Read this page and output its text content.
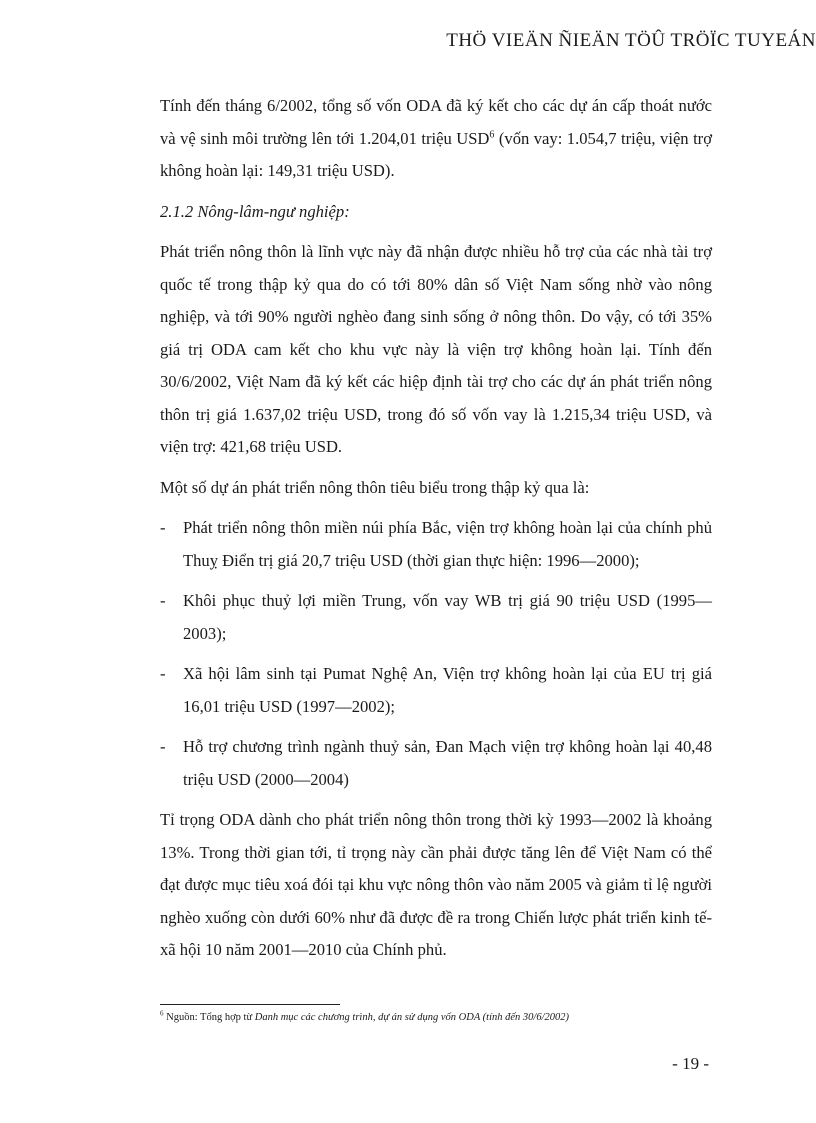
THÖ VIEÄN ÑIEÄN TÖÛ TRÖÏC TUYEÁN

Tính đến tháng 6/2002, tổng số vốn ODA đã ký kết cho các dự án cấp thoát nước và vệ sinh môi trường lên tới 1.204,01 triệu USD$^6$ (vốn vay: 1.054,7 triệu, viện trợ không hoàn lại: 149,31 triệu USD).

2.1.2 Nông-lâm-ngư nghiệp:

Phát triển nông thôn là lĩnh vực này đã nhận được nhiều hỗ trợ của các nhà tài trợ quốc tế trong thập kỷ qua do có tới 80% dân số Việt Nam sống nhờ vào nông nghiệp, và tới 90% người nghèo đang sinh sống ở nông thôn. Do vậy, có tới 35% giá trị ODA cam kết cho khu vực này là viện trợ không hoàn lại. Tính đến 30/6/2002, Việt Nam đã ký kết các hiệp định tài trợ cho các dự án phát triển nông thôn trị giá 1.637,02 triệu USD, trong đó số vốn vay là 1.215,34 triệu USD, và viện trợ: 421,68 triệu USD.

Một số dự án phát triển nông thôn tiêu biểu trong thập kỷ qua là:

- Phát triển nông thôn miền núi phía Bắc, viện trợ không hoàn lại của chính phủ Thuỵ Điển trị giá 20,7 triệu USD (thời gian thực hiện: 1996—2000);
- Khôi phục thuỷ lợi miền Trung, vốn vay WB trị giá 90 triệu USD (1995—2003);
- Xã hội lâm sinh tại Pumat Nghệ An, Viện trợ không hoàn lại của EU trị giá 16,01 triệu USD (1997—2002);
- Hỗ trợ chương trình ngành thuỷ sản, Đan Mạch viện trợ không hoàn lại 40,48 triệu USD (2000—2004)

Tỉ trọng ODA dành cho phát triển nông thôn trong thời kỳ 1993—2002 là khoảng 13%. Trong thời gian tới, tỉ trọng này cần phải được tăng lên để Việt Nam có thể đạt được mục tiêu xoá đói tại khu vực nông thôn vào năm 2005 và giảm tỉ lệ người nghèo xuống còn dưới 60% như đã được đề ra trong Chiến lược phát triển kinh tế-xã hội 10 năm 2001—2010 của Chính phủ.

$^6$ Nguồn: Tổng hợp từ Danh mục các chương trình, dự án sử dụng vốn ODA (tính đến 30/6/2002)
- 19 -
